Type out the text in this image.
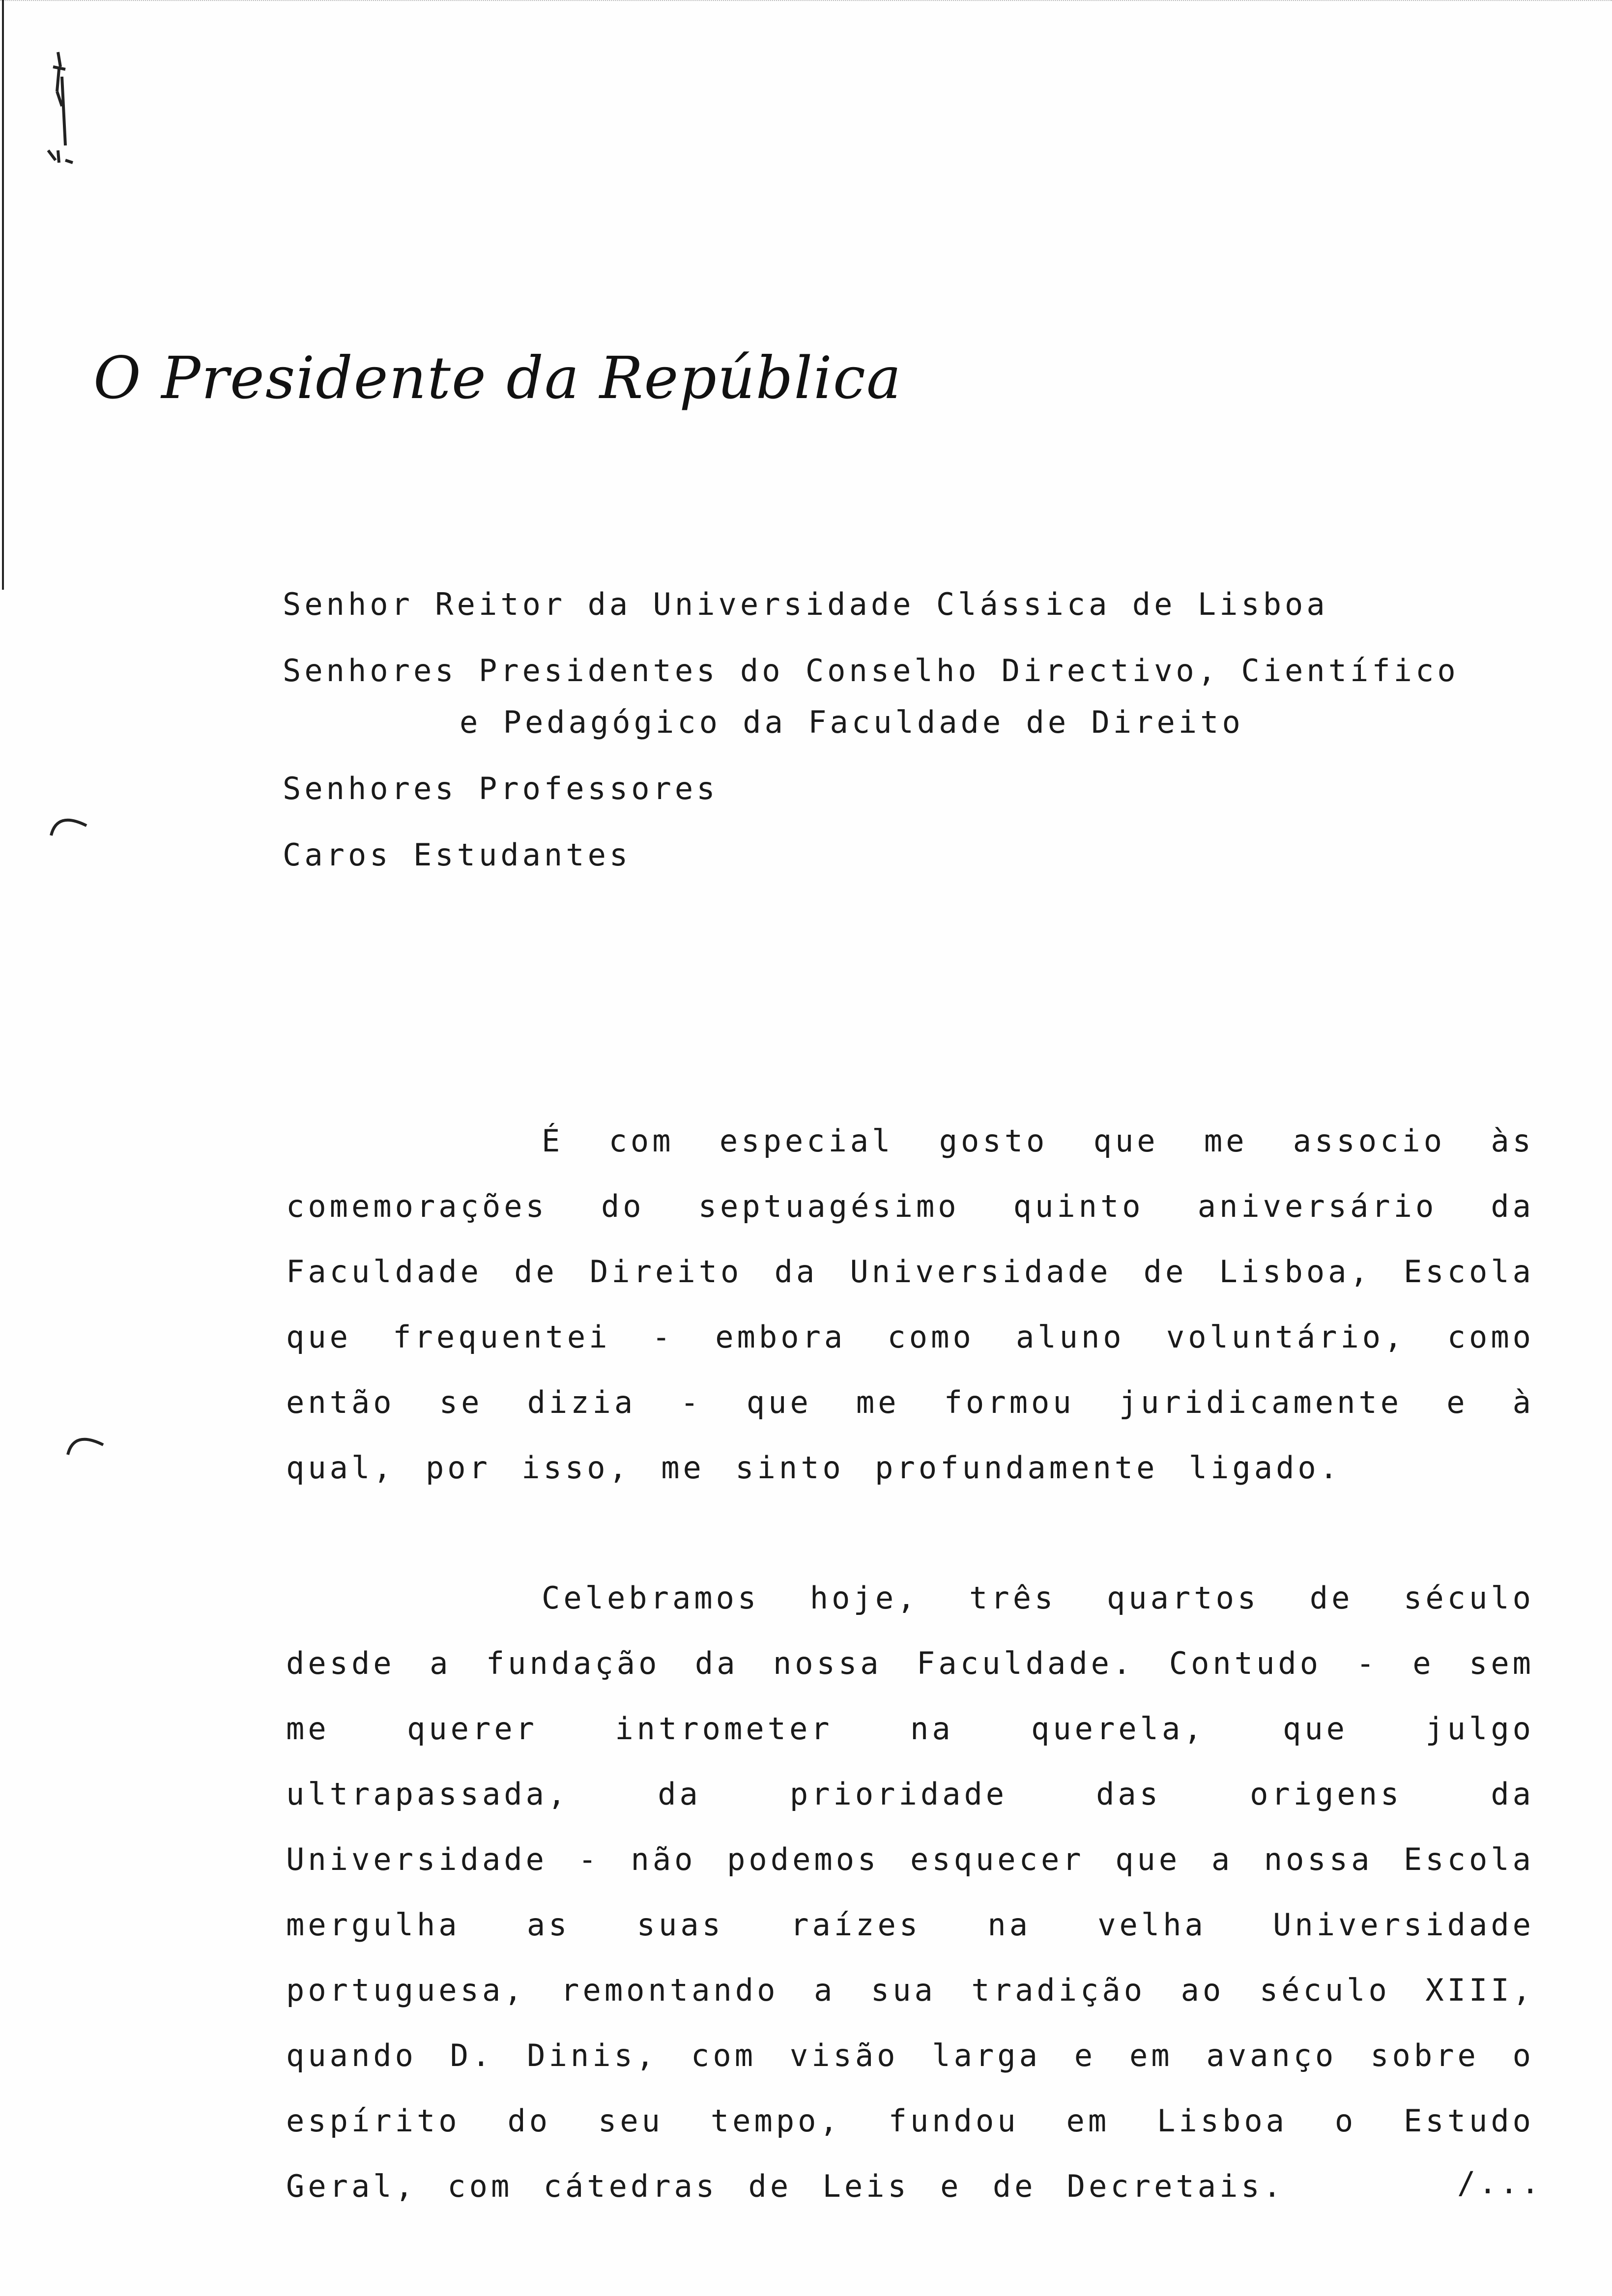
O Presidente da República
Senhor Reitor da Universidade Clássica de Lisboa
Senhores Presidentes do Conselho Directivo, Científico
e Pedagógico da Faculdade de Direito
Senhores Professores
Caros Estudantes
É com especial gosto que me associo às comemorações do septuagésimo quinto aniversário da Faculdade de Direito da Universidade de Lisboa, Escola que frequentei - embora como aluno voluntário, como então se dizia - que me formou juridicamente e à qual, por isso, me sinto profundamente ligado.
Celebramos hoje, três quartos de século desde a fundação da nossa Faculdade. Contudo - e sem me querer intrometer na querela, que julgo ultrapassada, da prioridade das origens da Universidade - não podemos esquecer que a nossa Escola mergulha as suas raízes na velha Universidade portuguesa, remontando a sua tradição ao século XIII, quando D. Dinis, com visão larga e em avanço sobre o espírito do seu tempo, fundou em Lisboa o Estudo Geral, com cátedras de Leis e de Decretais.	/...
